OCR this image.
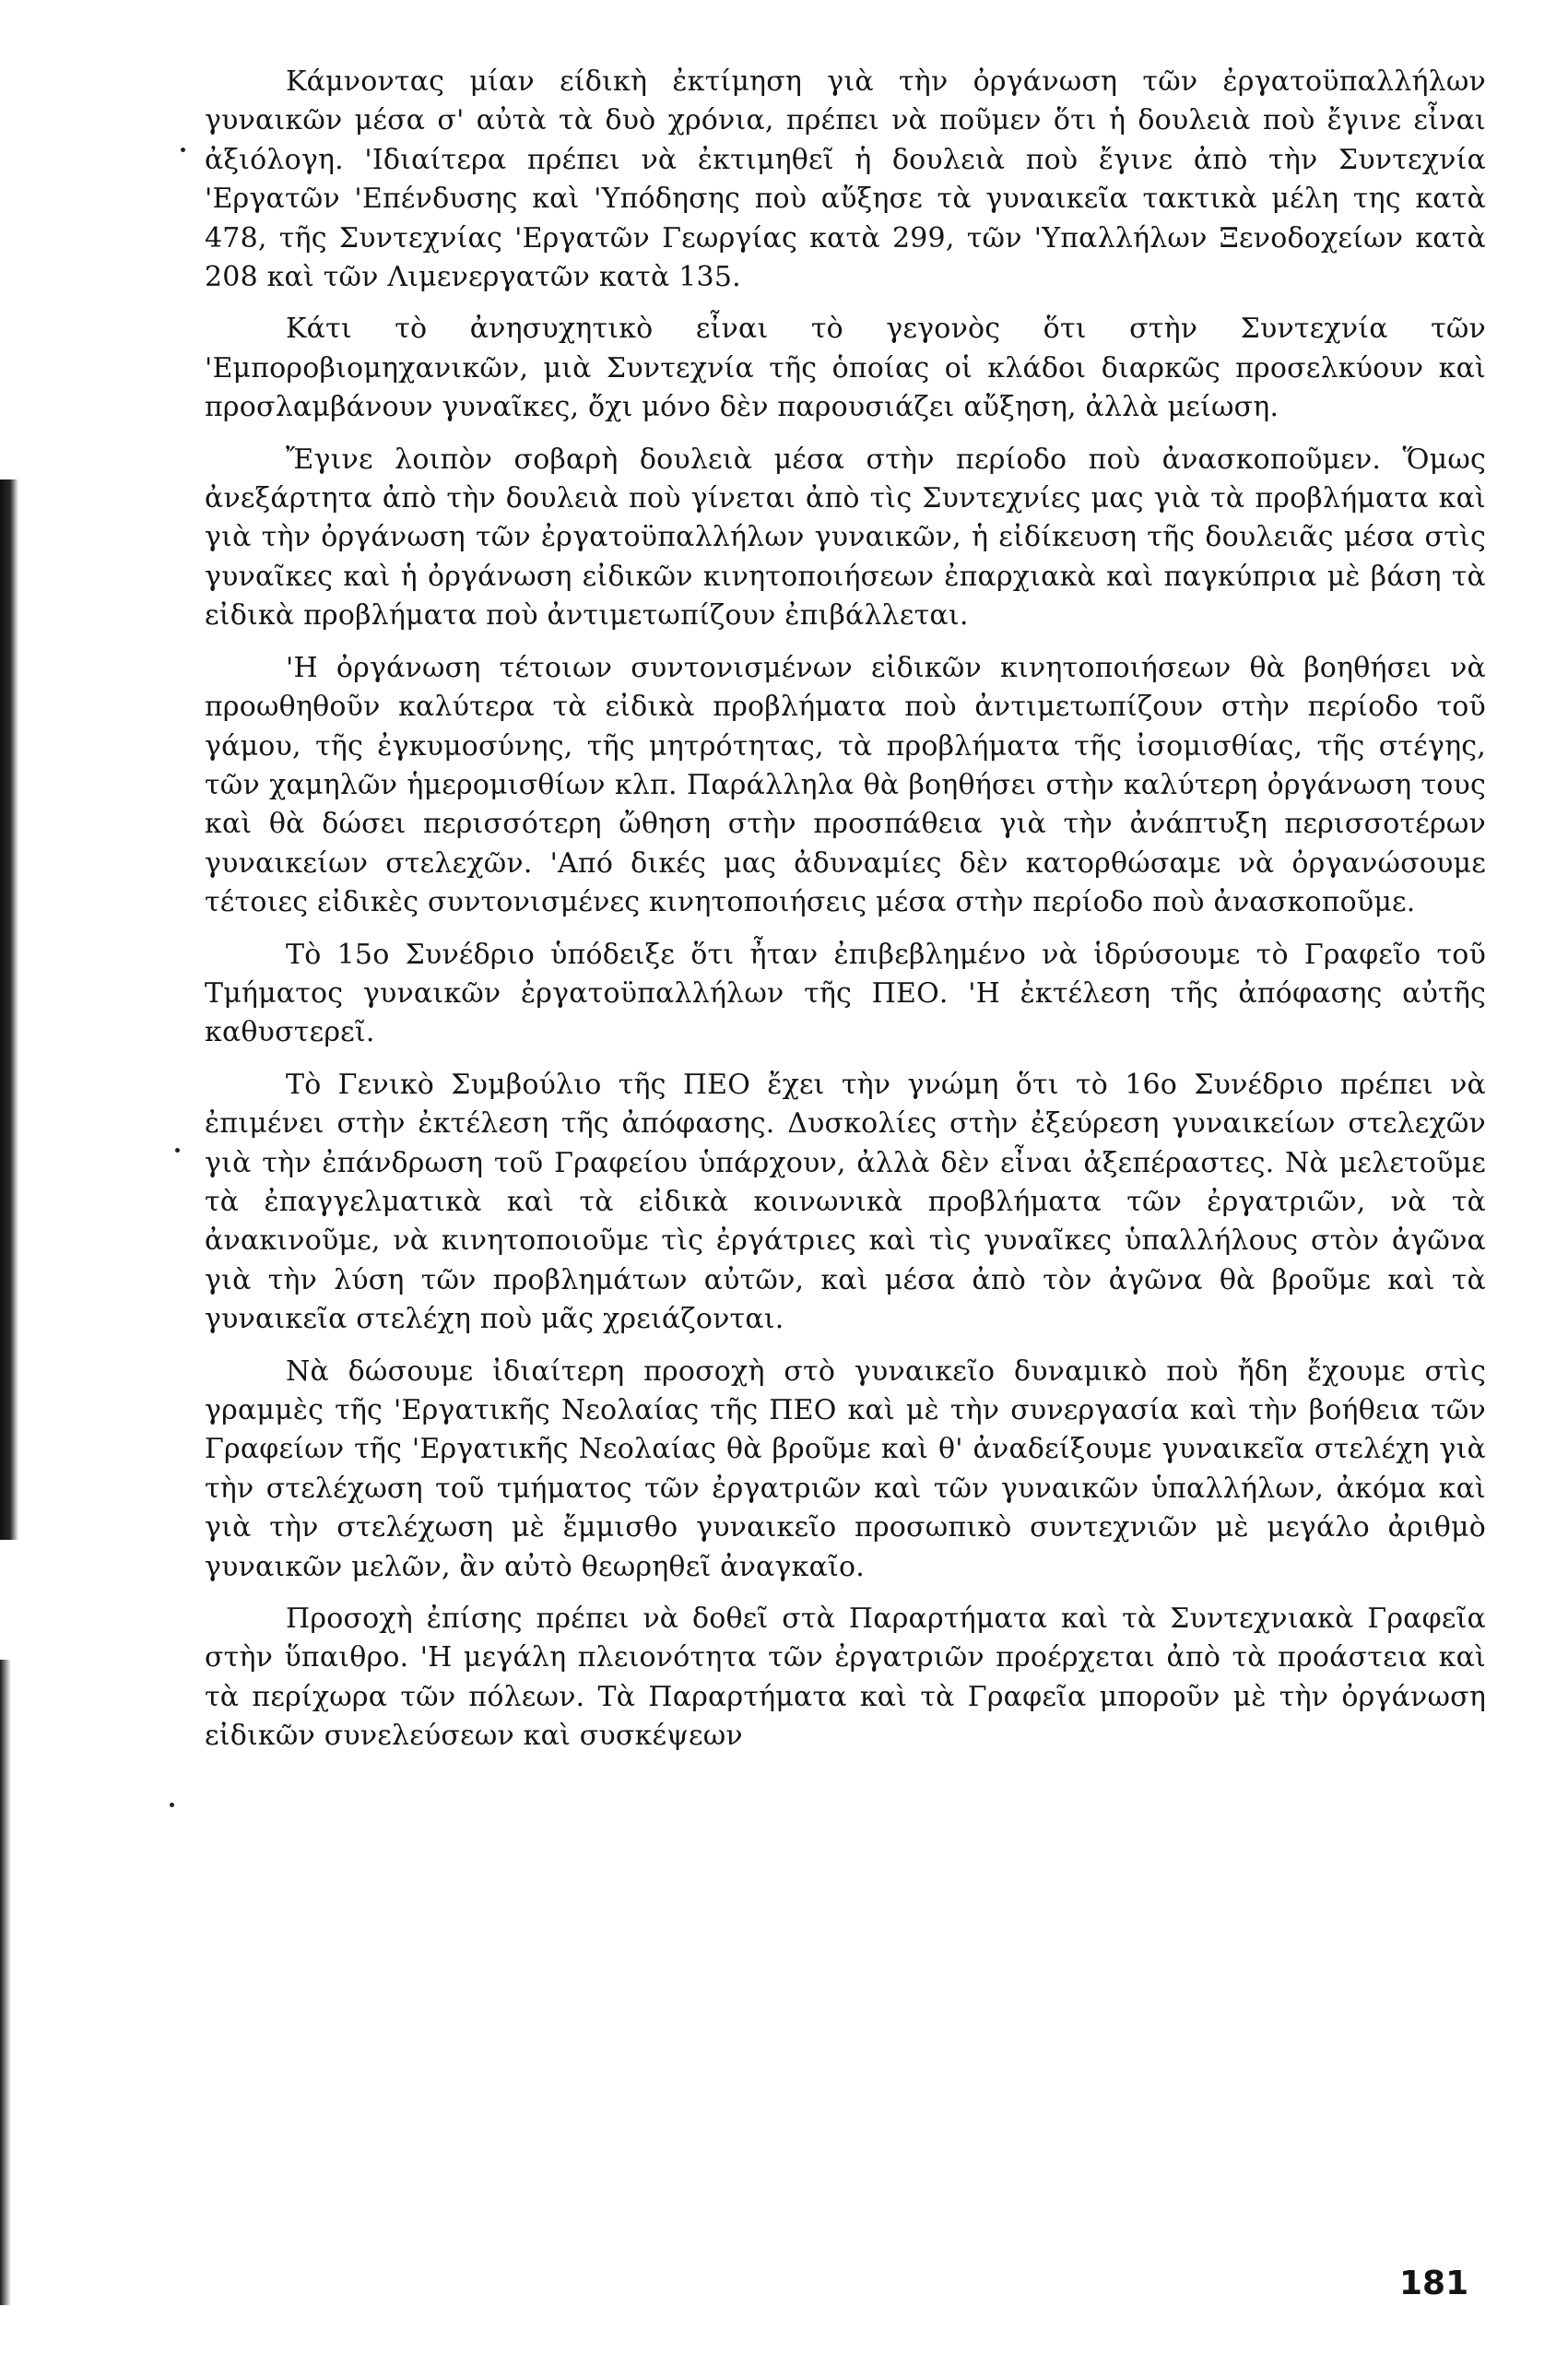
Κάμνοντας μίαν είδικὴ ἐκτίμηση γιὰ τὴν ὀργάνωση τῶν ἐργατοϋπαλλήλων γυναικῶν μέσα σ' αὐτὰ τὰ δυὸ χρόνια, πρέπει νὰ ποῦμεν ὅτι ἡ δουλειὰ ποὺ ἔγινε εἶναι ἀξιόλογη. 'Ιδιαίτερα πρέπει νὰ ἐκτιμηθεῖ ἡ δουλειὰ ποὺ ἔγινε ἀπὸ τὴν Συντεχνία 'Εργατῶν 'Επένδυσης καὶ 'Υπόδησης ποὺ αὔξησε τὰ γυναικεῖα τακτικὰ μέλη της κατὰ 478, τῆς Συντεχνίας 'Εργατῶν Γεωργίας κατὰ 299, τῶν 'Υπαλλήλων Ξενοδοχείων κατὰ 208 καὶ τῶν Λιμενεργατῶν κατὰ 135.

Κάτι τὸ ἀνησυχητικὸ εἶναι τὸ γεγονὸς ὅτι στὴν Συντεχνία τῶν 'Εμποροβιομηχανικῶν, μιὰ Συντεχνία τῆς ὁποίας οἱ κλάδοι διαρκῶς προσελκύουν καὶ προσλαμβάνουν γυναῖκες, ὄχι μόνο δὲν παρουσιάζει αὔξηση, ἀλλὰ μείωση.

Ἔγινε λοιπὸν σοβαρὴ δουλειὰ μέσα στὴν περίοδο ποὺ ἀνασκοποῦμεν. Ὅμως ἀνεξάρτητα ἀπὸ τὴν δουλειὰ ποὺ γίνεται ἀπὸ τὶς Συντεχνίες μας γιὰ τὰ προβλήματα καὶ γιὰ τὴν ὀργάνωση τῶν ἐργατοϋπαλλήλων γυναικῶν, ἡ εἰδίκευση τῆς δουλειᾶς μέσα στὶς γυναῖκες καὶ ἡ ὀργάνωση εἰδικῶν κινητοποιήσεων ἐπαρχιακὰ καὶ παγκύπρια μὲ βάση τὰ εἰδικὰ προβλήματα ποὺ ἀντιμετωπίζουν ἐπιβάλλεται.

'Η ὀργάνωση τέτοιων συντονισμένων εἰδικῶν κινητοποιήσεων θὰ βοηθήσει νὰ προωθηθοῦν καλύτερα τὰ εἰδικὰ προβλήματα ποὺ ἀντιμετωπίζουν στὴν περίοδο τοῦ γάμου, τῆς ἐγκυμοσύνης, τῆς μητρότητας, τὰ προβλήματα τῆς ἰσομισθίας, τῆς στέγης, τῶν χαμηλῶν ἡμερομισθίων κλπ. Παράλληλα θὰ βοηθήσει στὴν καλύτερη ὀργάνωση τους καὶ θὰ δώσει περισσότερη ὤθηση στὴν προσπάθεια γιὰ τὴν ἀνάπτυξη περισσοτέρων γυναικείων στελεχῶν. 'Από δικές μας ἀδυναμίες δὲν κατορθώσαμε νὰ ὀργανώσουμε τέτοιες εἰδικὲς συντονισμένες κινητοποιήσεις μέσα στὴν περίοδο ποὺ ἀνασκοποῦμε.

Τὸ 15ο Συνέδριο ὑπόδειξε ὅτι ἦταν ἐπιβεβλημένο νὰ ἱδρύσουμε τὸ Γραφεῖο τοῦ Τμήματος γυναικῶν ἐργατοϋπαλλήλων τῆς ΠΕΟ. 'Η ἐκτέλεση τῆς ἀπόφασης αὐτῆς καθυστερεῖ.

Τὸ Γενικὸ Συμβούλιο τῆς ΠΕΟ ἔχει τὴν γνώμη ὅτι τὸ 16ο Συνέδριο πρέπει νὰ ἐπιμένει στὴν ἐκτέλεση τῆς ἀπόφασης. Δυσκολίες στὴν ἐξεύρεση γυναικείων στελεχῶν γιὰ τὴν ἐπάνδρωση τοῦ Γραφείου ὑπάρχουν, ἀλλὰ δὲν εἶναι ἀξεπέραστες. Νὰ μελετοῦμε τὰ ἐπαγγελματικὰ καὶ τὰ εἰδικὰ κοινωνικὰ προβλήματα τῶν ἐργατριῶν, νὰ τὰ ἀνακινοῦμε, νὰ κινητοποιοῦμε τὶς ἐργάτριες καὶ τὶς γυναῖκες ὑπαλλήλους στὸν ἀγῶνα γιὰ τὴν λύση τῶν προβλημάτων αὐτῶν, καὶ μέσα ἀπὸ τὸν ἀγῶνα θὰ βροῦμε καὶ τὰ γυναικεῖα στελέχη ποὺ μᾶς χρειάζονται.

Νὰ δώσουμε ἰδιαίτερη προσοχὴ στὸ γυναικεῖο δυναμικὸ ποὺ ἤδη ἔχουμε στὶς γραμμὲς τῆς 'Εργατικῆς Νεολαίας τῆς ΠΕΟ καὶ μὲ τὴν συνεργασία καὶ τὴν βοήθεια τῶν Γραφείων τῆς 'Εργατικῆς Νεολαίας θὰ βροῦμε καὶ θ' ἀναδείξουμε γυναικεῖα στελέχη γιὰ τὴν στελέχωση τοῦ τμήματος τῶν ἐργατριῶν καὶ τῶν γυναικῶν ὑπαλλήλων, ἀκόμα καὶ γιὰ τὴν στελέχωση μὲ ἔμμισθο γυναικεῖο προσωπικὸ συντεχνιῶν μὲ μεγάλο ἀριθμὸ γυναικῶν μελῶν, ἂν αὐτὸ θεωρηθεῖ ἀναγκαῖο.

Προσοχὴ ἐπίσης πρέπει νὰ δοθεῖ στὰ Παραρτήματα καὶ τὰ Συντεχνιακὰ Γραφεῖα στὴν ὕπαιθρο. 'Η μεγάλη πλειονότητα τῶν ἐργατριῶν προέρχεται ἀπὸ τὰ προάστεια καὶ τὰ περίχωρα τῶν πόλεων. Τὰ Παραρτήματα καὶ τὰ Γραφεῖα μποροῦν μὲ τὴν ὀργάνωση εἰδικῶν συνελεύσεων καὶ συσκέψεων

181
